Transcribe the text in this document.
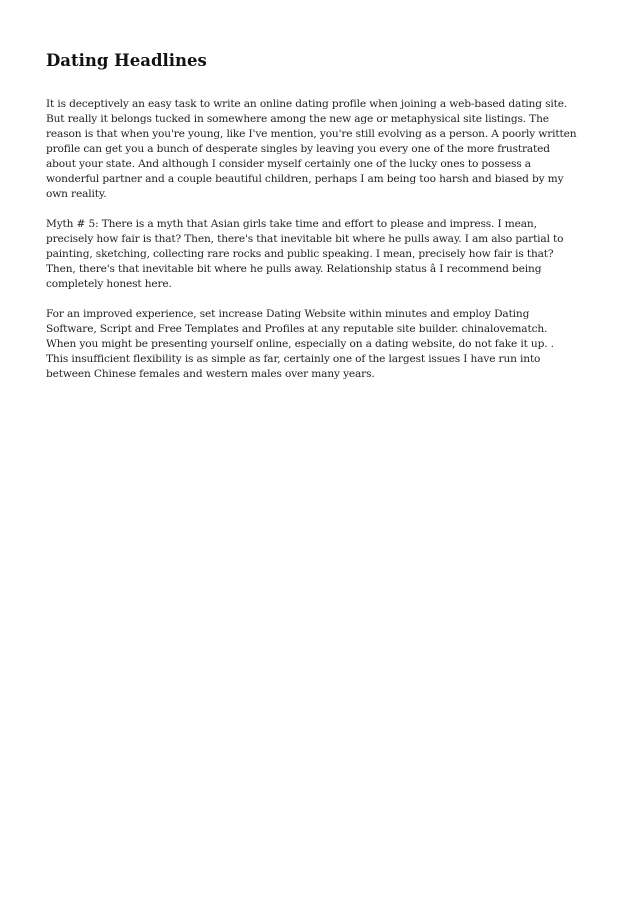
Dating Headlines

It is deceptively an easy task to write an online dating profile when joining a web-based dating site.
But really it belongs tucked in somewhere among the new age or metaphysical site listings. The
reason is that when you're young, like I've mention, you're still evolving as a person. A poorly written
profile can get you a bunch of desperate singles by leaving you every one of the more frustrated
about your state. And although I consider myself certainly one of the lucky ones to possess a
wonderful partner and a couple beautiful children, perhaps I am being too harsh and biased by my
own reality.

Myth # 5: There is a myth that Asian girls take time and effort to please and impress. I mean,
precisely how fair is that? Then, there's that inevitable bit where he pulls away. I am also partial to
painting, sketching, collecting rare rocks and public speaking. I mean, precisely how fair is that?
Then, there's that inevitable bit where he pulls away. Relationship status â I recommend being
completely honest here.

For an improved experience, set increase Dating Website within minutes and employ Dating
Software, Script and Free Templates and Profiles at any reputable site builder. chinalovematch.
When you might be presenting yourself online, especially on a dating website, do not fake it up. .
This insufficient flexibility is as simple as far, certainly one of the largest issues I have run into
between Chinese females and western males over many years.
